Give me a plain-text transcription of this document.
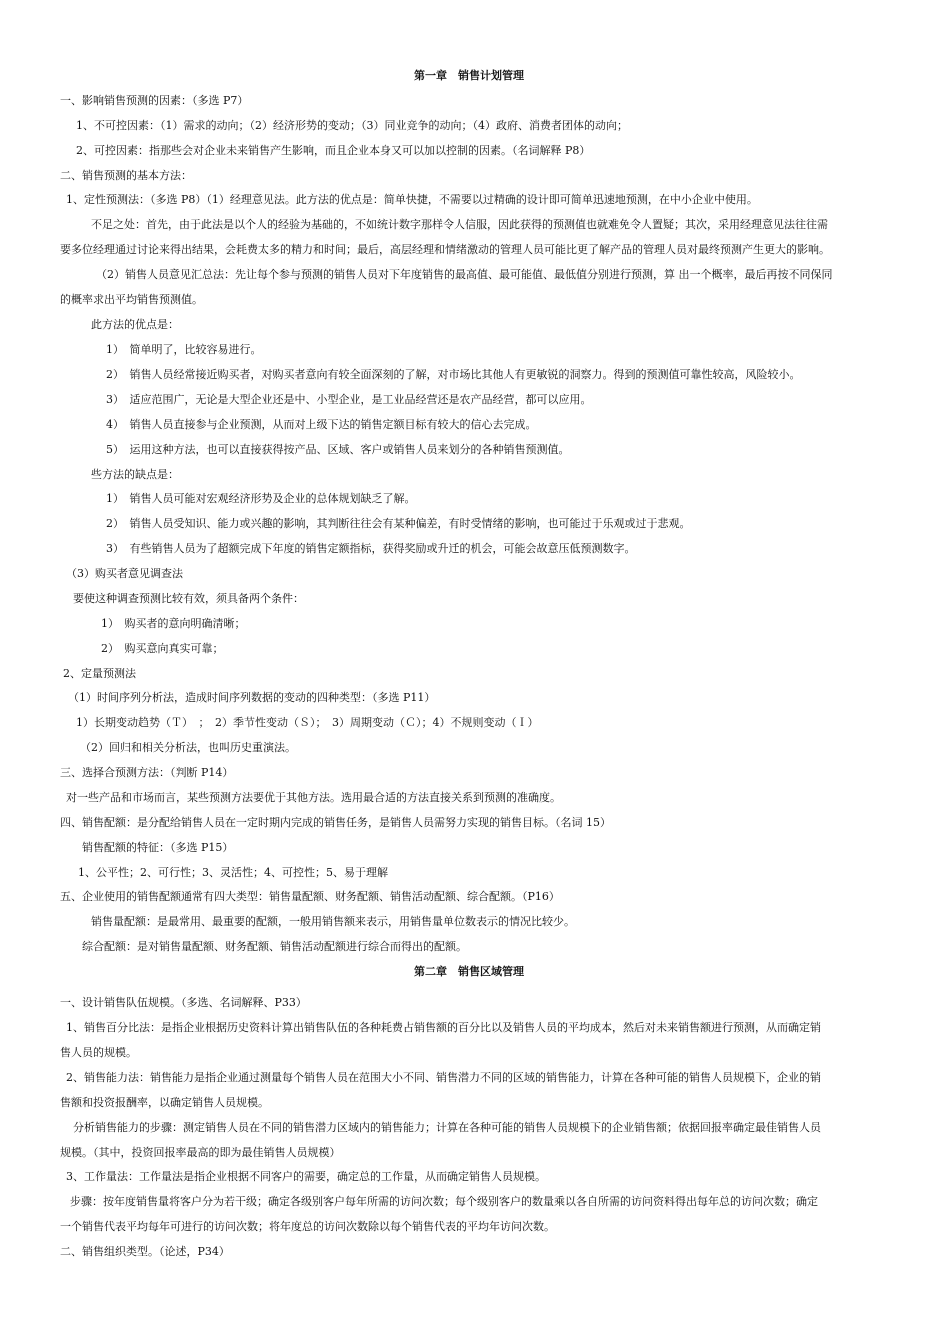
第一章　销售计划管理
一、影响销售预测的因素：（多选 P7）
1、不可控因素：（1）需求的动向；（2）经济形势的变动；（3）同业竞争的动向；（4）政府、消费者团体的动向；
2、可控因素：指那些会对企业未来销售产生影响，而且企业本身又可以加以控制的因素。（名词解释 P8）
二、销售预测的基本方法：
1、定性预测法：（多选 P8）（1）经理意见法。此方法的优点是：简单快捷，不需要以过精确的设计即可简单迅速地预测，在中小企业中使用。
不足之处：首先，由于此法是以个人的经验为基础的，不如统计数字那样令人信服，因此获得的预测值也就难免令人置疑；其次，采用经理意见法往往需
要多位经理通过讨论来得出结果，会耗费太多的精力和时间；最后，高层经理和情绪激动的管理人员可能比更了解产品的管理人员对最终预测产生更大的影响。
（2）销售人员意见汇总法：先让每个参与预测的销售人员对下年度销售的最高值、最可能值、最低值分别进行预测，算 出一个概率，最后再按不同保同
的概率求出平均销售预测值。
此方法的优点是：
1）　简单明了，比较容易进行。
2）　销售人员经常接近购买者，对购买者意向有较全面深刻的了解，对市场比其他人有更敏锐的洞察力。得到的预测值可靠性较高，风险较小。
3）　适应范围广，无论是大型企业还是中、小型企业，是工业品经营还是农产品经营，都可以应用。
4）　销售人员直接参与企业预测，从而对上级下达的销售定额目标有较大的信心去完成。
5）　运用这种方法，也可以直接获得按产品、区域、客户或销售人员来划分的各种销售预测值。
些方法的缺点是：
1）　销售人员可能对宏观经济形势及企业的总体规划缺乏了解。
2）　销售人员受知识、能力或兴趣的影响，其判断往往会有某种偏差，有时受情绪的影响，也可能过于乐观或过于悲观。
3）　有些销售人员为了超额完成下年度的销售定额指标，获得奖励或升迁的机会，可能会故意压低预测数字。
（3）购买者意见调查法
要使这种调查预测比较有效，须具备两个条件：
1）　购买者的意向明确清晰；
2）　购买意向真实可靠；
2、定量预测法
（1）时间序列分析法，造成时间序列数据的变动的四种类型：（多选 P11）
1）长期变动趋势（Ｔ）　；　2）季节性变动（Ｓ）；　3）周期变动（Ｃ）；4）不规则变动（Ｉ）
（2）回归和相关分析法，也叫历史重演法。
三、选择合预测方法：（判断 P14）
对一些产品和市场而言，某些预测方法要优于其他方法。选用最合适的方法直接关系到预测的准确度。
四、销售配额：是分配给销售人员在一定时期内完成的销售任务，是销售人员需努力实现的销售目标。（名词 15）
销售配额的特征：（多选 P15）
1、公平性；2、可行性；3、灵活性；4、可控性；5、易于理解
五、企业使用的销售配额通常有四大类型：销售量配额、财务配额、销售活动配额、综合配额。（P16）
销售量配额：是最常用、最重要的配额，一般用销售额来表示，用销售量单位数表示的情况比较少。
综合配额：是对销售量配额、财务配额、销售活动配额进行综合而得出的配额。
第二章　销售区域管理
一、设计销售队伍规模。（多选、名词解释、P33）
1、销售百分比法：是指企业根据历史资料计算出销售队伍的各种耗费占销售额的百分比以及销售人员的平均成本，然后对未来销售额进行预测，从而确定销
售人员的规模。
2、销售能力法：销售能力是指企业通过测量每个销售人员在范围大小不同、销售潜力不同的区域的销售能力，计算在各种可能的销售人员规模下，企业的销
售额和投资报酬率，以确定销售人员规模。
分析销售能力的步骤：测定销售人员在不同的销售潜力区域内的销售能力；计算在各种可能的销售人员规模下的企业销售额；依据回报率确定最佳销售人员
规模。（其中，投资回报率最高的即为最佳销售人员规模）
3、工作量法：工作量法是指企业根据不同客户的需要，确定总的工作量，从而确定销售人员规模。
步骤：按年度销售量将客户分为若干级；确定各级别客户每年所需的访问次数；每个级别客户的数量乘以各自所需的访问资料得出每年总的访问次数；确定
一个销售代表平均每年可进行的访问次数；将年度总的访问次数除以每个销售代表的平均年访问次数。
二、销售组织类型。（论述，P34）
